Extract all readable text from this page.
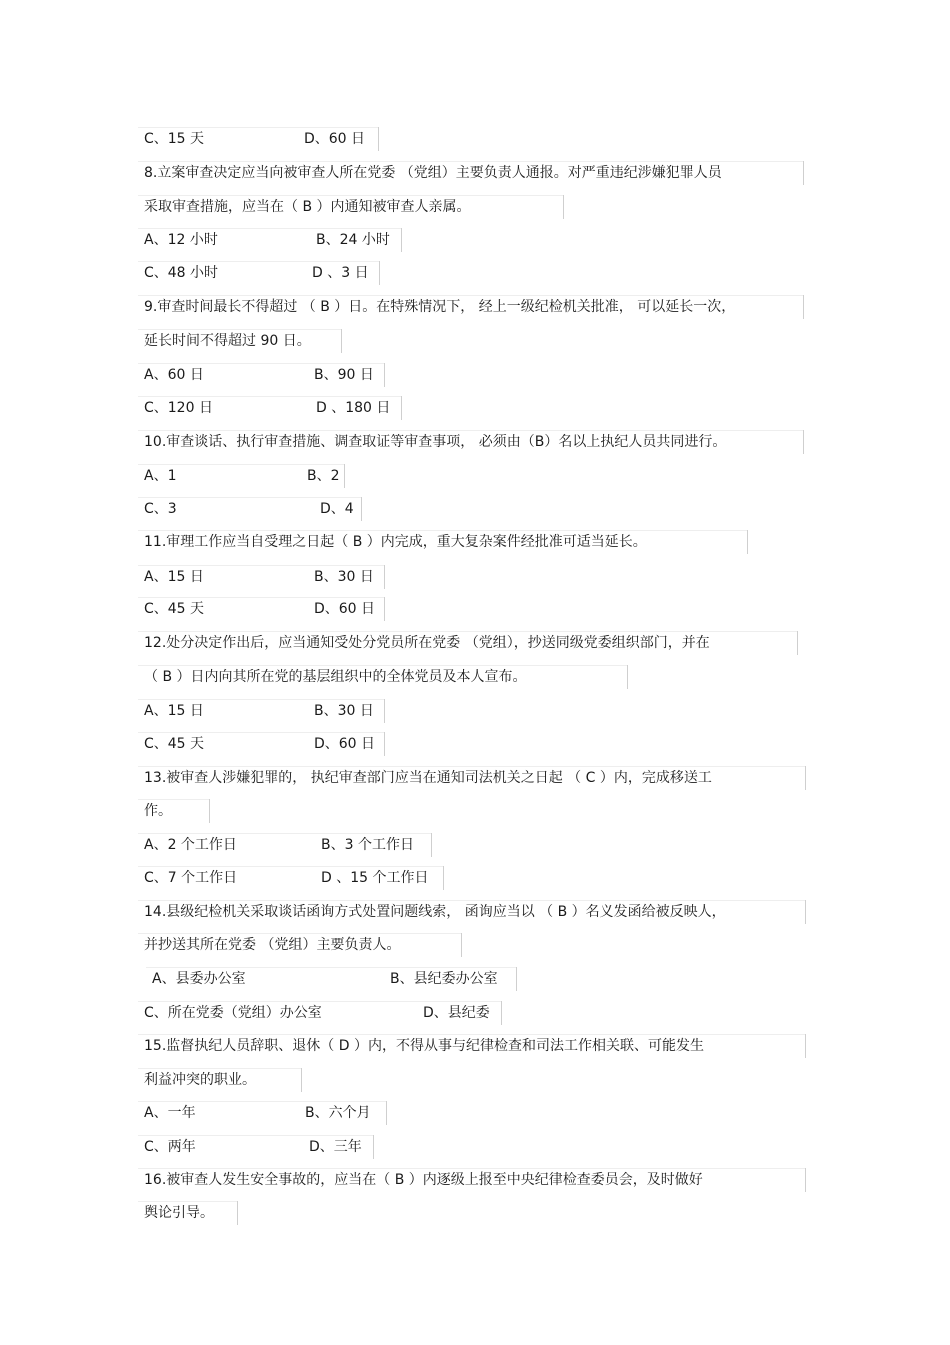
C、15 天	D、60 日
8.立案审查决定应当向被审查人所在党委 （党组）主要负责人通报。对严重违纪涉嫌犯罪人员
采取审查措施，应当在（ B ）内通知被审查人亲属。
A、12 小时	B、24 小时
C、48 小时	D 、3 日
9.审查时间最长不得超过 （ B ）日。在特殊情况下， 经上一级纪检机关批准， 可以延长一次，
延长时间不得超过 90 日。
A、60 日	B、90 日
C、120 日	D 、180 日
10.审查谈话、执行审查措施、调查取证等审查事项， 必须由（B）名以上执纪人员共同进行。
A、1	B、2
C、3	D、4
11.审理工作应当自受理之日起（ B ）内完成，重大复杂案件经批准可适当延长。
A、15 日	B、30 日
C、45 天	D、60 日
12.处分决定作出后，应当通知受处分党员所在党委 （党组），抄送同级党委组织部门，并在
（ B ）日内向其所在党的基层组织中的全体党员及本人宣布。
A、15 日	B、30 日
C、45 天	D、60 日
13.被审查人涉嫌犯罪的， 执纪审查部门应当在通知司法机关之日起 （ C ）内，完成移送工
作。
A、2 个工作日	B、3 个工作日
C、7 个工作日	D 、15 个工作日
14.县级纪检机关采取谈话函询方式处置问题线索， 函询应当以 （ B ）名义发函给被反映人，
并抄送其所在党委 （党组）主要负责人。
A、县委办公室	B、县纪委办公室
C、所在党委（党组）办公室	D、县纪委
15.监督执纪人员辞职、退休（ D ）内，不得从事与纪律检查和司法工作相关联、可能发生
利益冲突的职业。
A、一年	B、六个月
C、两年	D、三年
16.被审查人发生安全事故的，应当在（ B ）内逐级上报至中央纪律检查委员会，及时做好
舆论引导。
